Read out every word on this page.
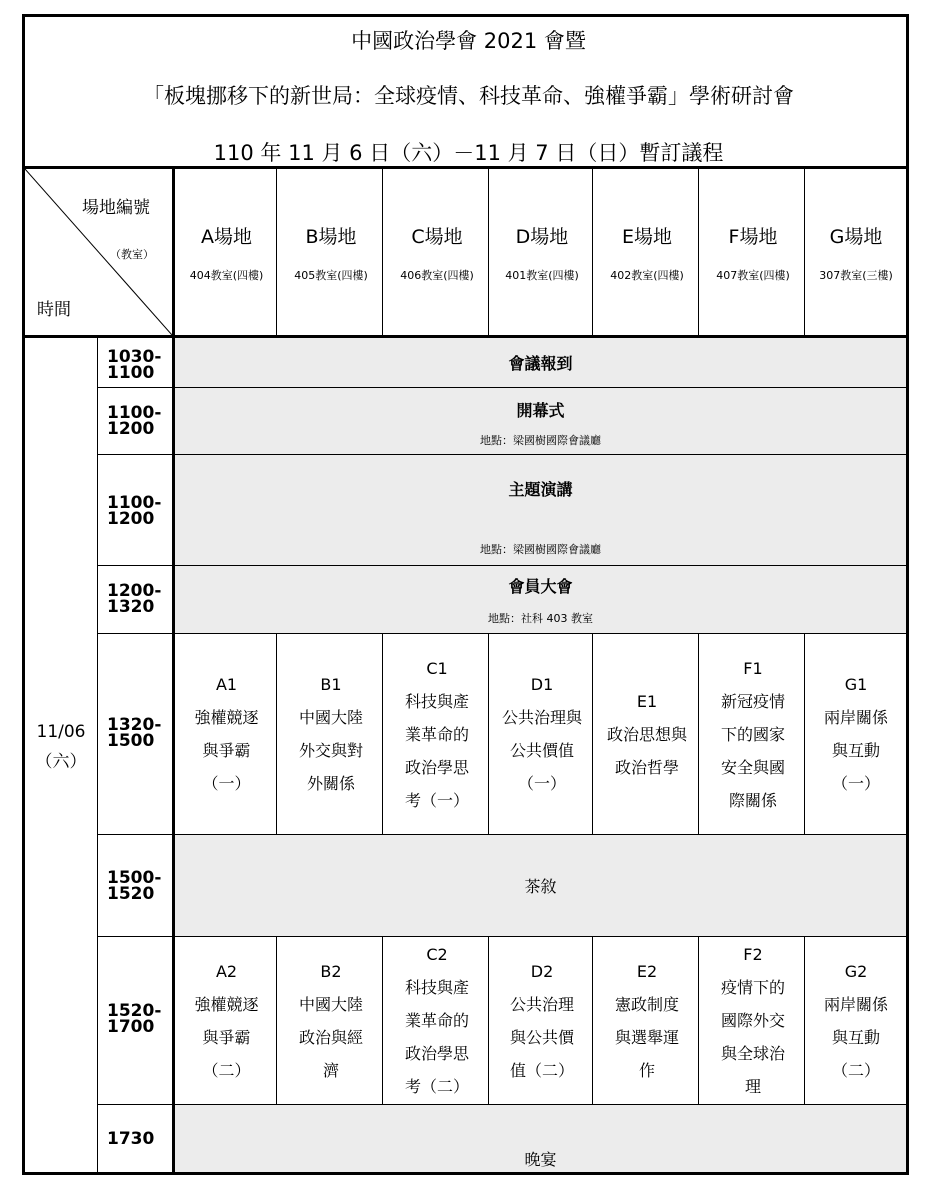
中國政治學會 2021 會暨
「板塊挪移下的新世局：全球疫情、科技革命、強權爭霸」學術研討會
110 年 11 月 6 日（六）－11 月 7 日（日）暫訂議程
場地編號
（教室）
時間
A場地
404教室(四樓)
B場地
405教室(四樓)
C場地
406教室(四樓)
D場地
401教室(四樓)
E場地
402教室(四樓)
F場地
407教室(四樓)
G場地
307教室(三樓)
11/06
（六）
1030-
1100	會議報到
1100-
1200
開幕式
地點：梁國樹國際會議廳
1100-
1200
主題演講
地點：梁國樹國際會議廳
1200-
1320
會員大會
地點：社科 403 教室
1320-
1500
A1
強權競逐
與爭霸
（一）
B1
中國大陸
外交與對
外關係
C1
科技與產
業革命的
政治學思
考（一）
D1
公共治理與
公共價值
（一）
E1
政治思想與
政治哲學
F1
新冠疫情
下的國家
安全與國
際關係
G1
兩岸關係
與互動
（一）
1500-
1520	茶敘
1520-
1700
A2
強權競逐
與爭霸
（二）
B2
中國大陸
政治與經
濟
C2
科技與產
業革命的
政治學思
考（二）
D2
公共治理
與公共價
值（二）
E2
憲政制度
與選舉運
作
F2
疫情下的
國際外交
與全球治
理
G2
兩岸關係
與互動
（二）
1730
晚宴
